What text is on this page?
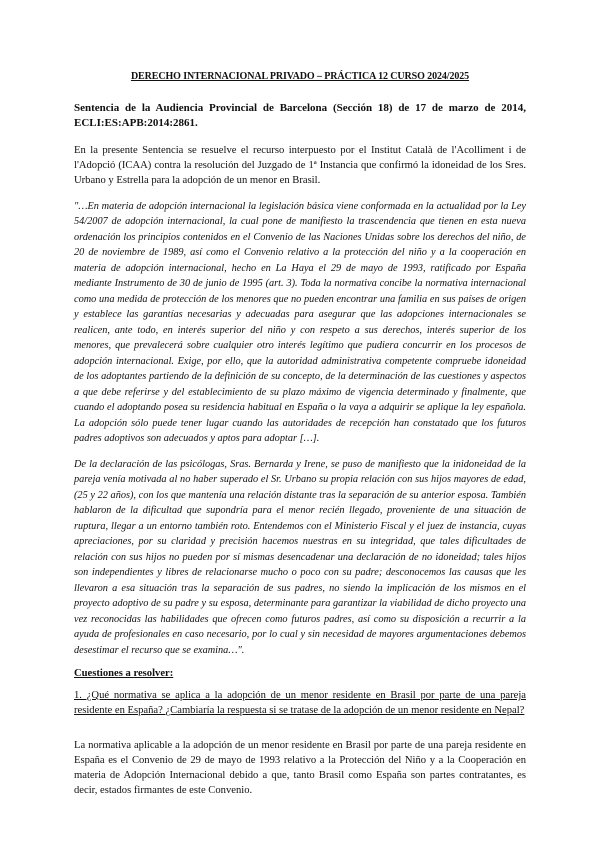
DERECHO INTERNACIONAL PRIVADO – PRÁCTICA 12 CURSO 2024/2025

Sentencia de la Audiencia Provincial de Barcelona (Sección 18) de 17 de marzo de 2014, ECLI:ES:APB:2014:2861.

En la presente Sentencia se resuelve el recurso interpuesto por el Institut Català de l'Acolliment i de l'Adopció (ICAA) contra la resolución del Juzgado de 1ª Instancia que confirmó la idoneidad de los Sres. Urbano y Estrella para la adopción de un menor en Brasil.

"…En materia de adopción internacional la legislación básica viene conformada en la actualidad por la Ley 54/2007 de adopción internacional, la cual pone de manifiesto la trascendencia que tienen en esta nueva ordenación los principios contenidos en el Convenio de las Naciones Unidas sobre los derechos del niño, de 20 de noviembre de 1989, así como el Convenio relativo a la protección del niño y a la cooperación en materia de adopción internacional, hecho en La Haya el 29 de mayo de 1993, ratificado por España mediante Instrumento de 30 de junio de 1995 (art. 3). Toda la normativa concibe la normativa internacional como una medida de protección de los menores que no pueden encontrar una familia en sus países de origen y establece las garantías necesarias y adecuadas para asegurar que las adopciones internacionales se realicen, ante todo, en interés superior del niño y con respeto a sus derechos, interés superior de los menores, que prevalecerá sobre cualquier otro interés legítimo que pudiera concurrir en los procesos de adopción internacional. Exige, por ello, que la autoridad administrativa competente compruebe idoneidad de los adoptantes partiendo de la definición de su concepto, de la determinación de las cuestiones y aspectos a que debe referirse y del establecimiento de su plazo máximo de vigencia determinado y finalmente, que cuando el adoptando posea su residencia habitual en España o la vaya a adquirir se aplique la ley española. La adopción sólo puede tener lugar cuando las autoridades de recepción han constatado que los futuros padres adoptivos son adecuados y aptos para adoptar […].

De la declaración de las psicólogas, Sras. Bernarda y Irene, se puso de manifiesto que la inidoneidad de la pareja venía motivada al no haber superado el Sr. Urbano su propia relación con sus hijos mayores de edad, (25 y 22 años), con los que mantenía una relación distante tras la separación de su anterior esposa. También hablaron de la dificultad que supondría para el menor recién llegado, proveniente de una situación de ruptura, llegar a un entorno también roto. Entendemos con el Ministerio Fiscal y el juez de instancia, cuyas apreciaciones, por su claridad y precisión hacemos nuestras en su integridad, que tales dificultades de relación con sus hijos no pueden por sí mismas desencadenar una declaración de no idoneidad; tales hijos son independientes y libres de relacionarse mucho o poco con su padre; desconocemos las causas que les llevaron a esa situación tras la separación de sus padres, no siendo la implicación de los mismos en el proyecto adoptivo de su padre y su esposa, determinante para garantizar la viabilidad de dicho proyecto una vez reconocidas las habilidades que ofrecen como futuros padres, así como su disposición a recurrir a la ayuda de profesionales en caso necesario, por lo cual y sin necesidad de mayores argumentaciones debemos desestimar el recurso que se examina…".

Cuestiones a resolver:

1. ¿Qué normativa se aplica a la adopción de un menor residente en Brasil por parte de una pareja residente en España? ¿Cambiaría la respuesta si se tratase de la adopción de un menor residente en Nepal?

La normativa aplicable a la adopción de un menor residente en Brasil por parte de una pareja residente en España es el Convenio de 29 de mayo de 1993 relativo a la Protección del Niño y a la Cooperación en materia de Adopción Internacional debido a que, tanto Brasil como España son partes contratantes, es decir, estados firmantes de este Convenio.
